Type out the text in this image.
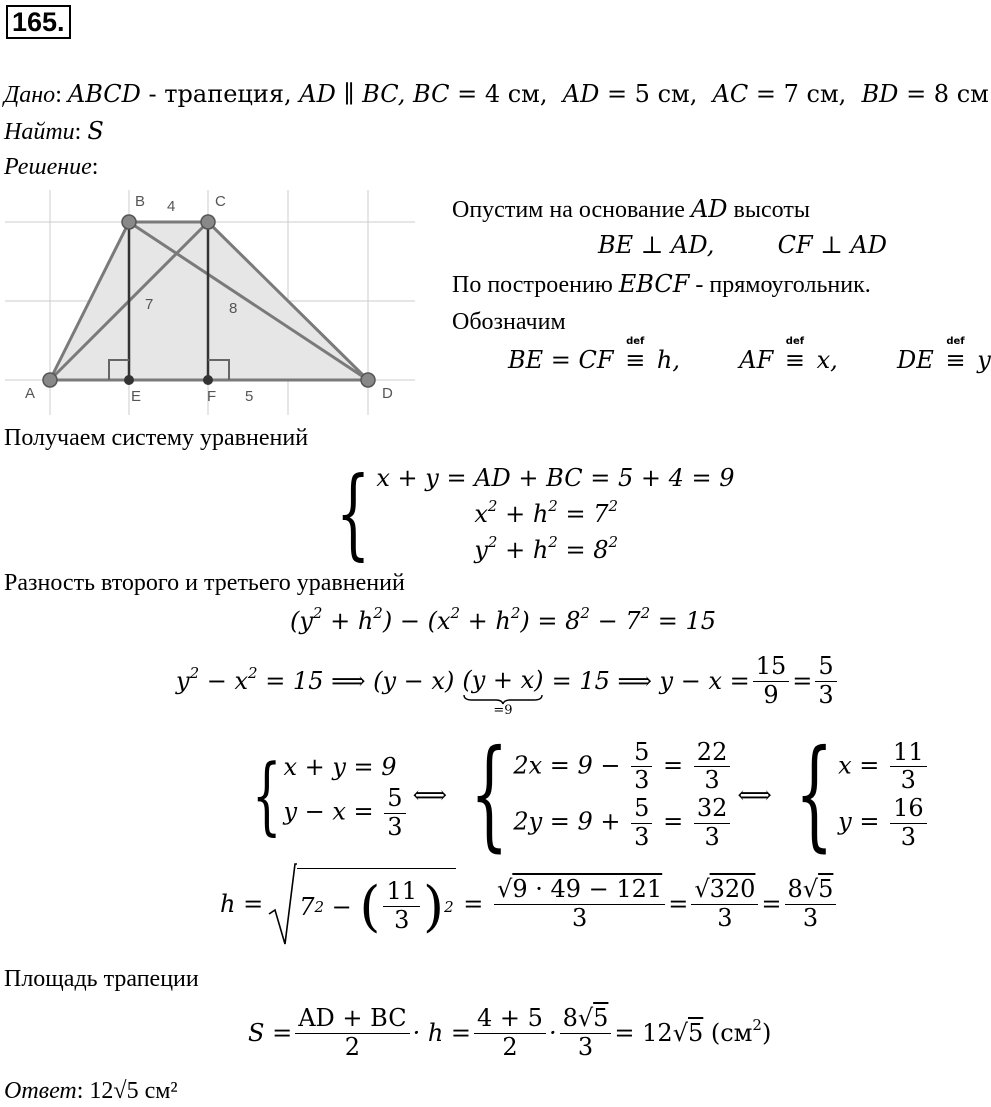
165.
Дано: ABCD - трапеция, AD ∥ BC, BC = 4 см,  AD = 5 см,  AC = 7 см,  BD = 8 см
Найти: S
Решение:
A
B	C
D
E	F
4
7	8
5
Опустим на основание AD высоты
BE ⊥ AD,	CF ⊥ AD
По построению EBCF - прямоугольник.
Обозначим
BE = CF ≡
def
h,  AF ≡
def
x,  DE ≡
def
y
Получаем систему уравнений
{ x + y = AD + BC = 5 + 4 = 9
$x^2 + h^2 = 7^2$
$y^2 + h^2 = 8^2$
Разность второго и третьего уравнений
$(y^2 + h^2) - (x^2 + h^2) = 8^2 - 7^2 = 15$
$y^2 - x^2 = 15$ ⟹ (y − x) (y + x)
=9
= 15 ⟹ $y - x = \frac{15}{9} = \frac{5}{3}$
{ x + y = 9
$y - x = \frac{5}{3}$ ⟺ { $2x = 9 - \frac{5}{3} = \frac{22}{3}$
$2y = 9 + \frac{5}{3} = \frac{32}{3}$ ⟺ { $x = \frac{11}{3}$
$y = \frac{16}{3}$
h = 7 2 − ( $\frac{11}{3}$ ) $2 = \frac{√9 \cdot 49 - 121}{3} = \frac{√320}{3} = \frac{8√5}{3}$
Площадь трапеции
$S = \frac{AD + BC}{2} \cdot h = \frac{4 + 5}{2} \cdot \frac{8√5}{3} = 12√5$ $(см^2)$
Ответ: 12√5 см²
